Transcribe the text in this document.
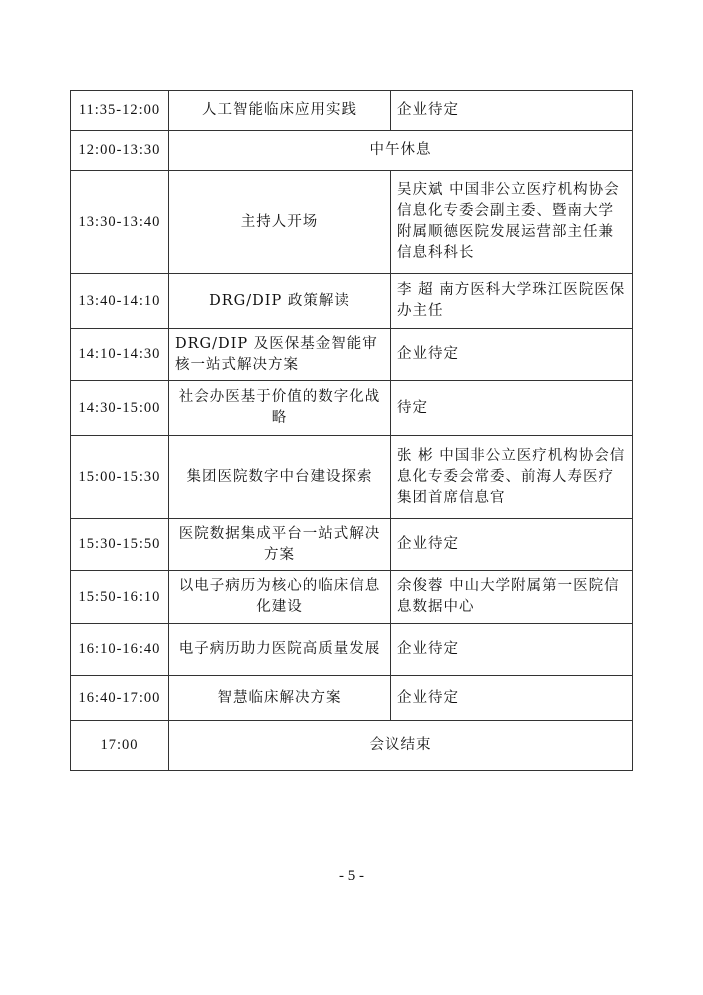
11:35-12:00	人工智能临床应用实践	企业待定
12:00-13:30	中午休息	
13:30-13:40	主持人开场	吴庆斌 中国非公立医疗机构协会信息化专委会副主委、暨南大学附属顺德医院发展运营部主任兼信息科科长
13:40-14:10	DRG/DIP 政策解读	李 超 南方医科大学珠江医院医保办主任
14:10-14:30	DRG/DIP 及医保基金智能审核一站式解决方案	企业待定
14:30-15:00	社会办医基于价值的数字化战略	待定
15:00-15:30	集团医院数字中台建设探索	张 彬 中国非公立医疗机构协会信息化专委会常委、前海人寿医疗集团首席信息官
15:30-15:50	医院数据集成平台一站式解决方案	企业待定
15:50-16:10	以电子病历为核心的临床信息化建设	余俊蓉 中山大学附属第一医院信息数据中心
16:10-16:40	电子病历助力医院高质量发展	企业待定
16:40-17:00	智慧临床解决方案	企业待定
17:00	会议结束	
- 5 -
